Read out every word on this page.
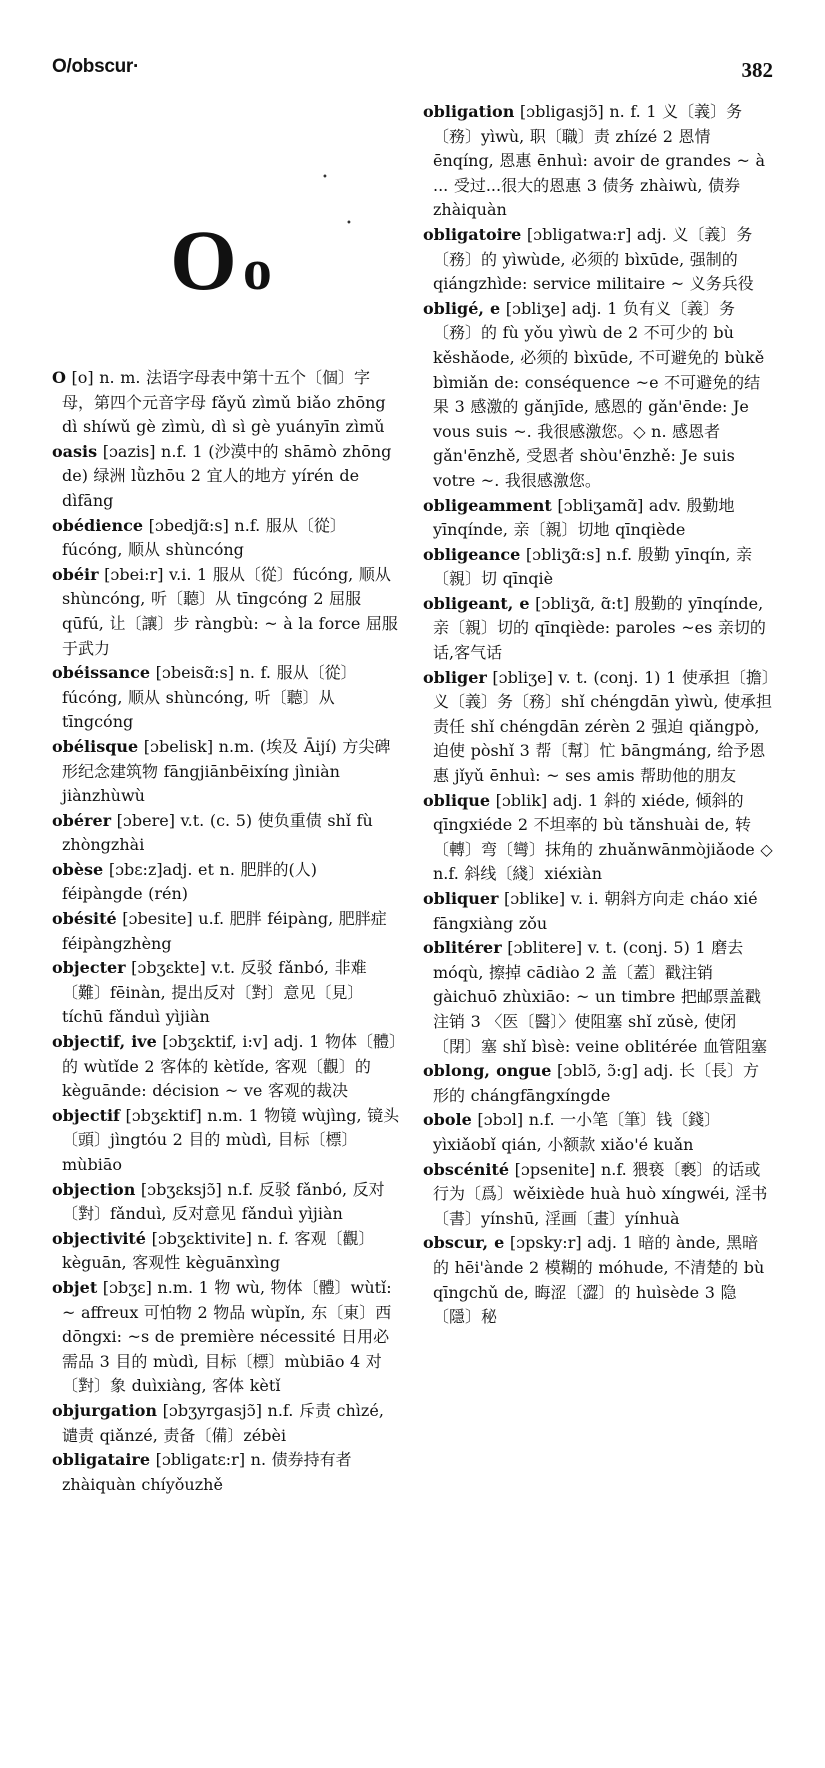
O/obscur·	382
O o
•
•

O [o] n. m. 法语字母表中第十五个〔個〕字母，第四个元音字母 fǎyǔ zìmǔ biǎo zhōng dì shíwǔ gè zìmù, dì sì gè yuányīn zìmǔ

oasis [ɔazis] n.f. 1 (沙漠中的 shāmò zhōng de) 绿洲 lǜzhōu 2 宜人的地方 yírén de dìfāng

obédience [ɔbedjɑ̃:s] n.f. 服从〔從〕fúcóng, 顺从 shùncóng

obéir [ɔbei:r] v.i. 1 服从〔從〕fúcóng, 顺从 shùncóng, 听〔聽〕从 tīngcóng 2 屈服 qūfú, 让〔讓〕步 ràngbù: ~ à la force 屈服于武力

obéissance [ɔbeisɑ̃:s] n. f. 服从〔從〕fúcóng, 顺从 shùncóng, 听〔聽〕从 tīngcóng

obélisque [ɔbelisk] n.m. (埃及 Āijí) 方尖碑形纪念建筑物 fāngjiānbēixíng jìniàn jiànzhùwù

obérer [ɔbere] v.t. (c. 5) 使负重债 shǐ fù zhòngzhài

obèse [ɔbɛ:z]adj. et n. 肥胖的(人) féipàngde (rén)

obésité [ɔbesite] u.f. 肥胖 féipàng, 肥胖症 féipàngzhèng

objecter [ɔbʒɛkte] v.t. 反驳 fǎnbó, 非难〔難〕fēinàn, 提出反对〔對〕意见〔見〕tíchū fǎnduì yìjiàn

objectif, ive [ɔbʒɛktif, i:v] adj. 1 物体〔體〕的 wùtǐde 2 客体的 kètǐde, 客观〔觀〕的 kèguānde: décision ~ ve 客观的裁决

objectif [ɔbʒɛktif] n.m. 1 物镜 wùjìng, 镜头〔頭〕jìngtóu 2 目的 mùdì, 目标〔標〕mùbiāo

objection [ɔbʒɛksjɔ̃] n.f. 反驳 fǎnbó, 反对〔對〕fǎnduì, 反对意见 fǎnduì yìjiàn

objectivité [ɔbʒɛktivite] n. f. 客观〔觀〕kèguān, 客观性 kèguānxìng

objet [ɔbʒɛ] n.m. 1 物 wù, 物体〔體〕wùtǐ: ~ affreux 可怕物 2 物品 wùpǐn, 东〔東〕西 dōngxi: ~s de première nécessité 日用必需品 3 目的 mùdì, 目标〔標〕mùbiāo 4 对〔對〕象 duìxiàng, 客体 kètǐ

objurgation [ɔbʒyrgasjɔ̃] n.f. 斥责 chìzé, 谴责 qiǎnzé, 责备〔備〕zébèi

obligataire [ɔbligatɛ:r] n. 债券持有者 zhàiquàn chíyǒuzhě

obligation [ɔbligasjɔ̃] n. f. 1 义〔義〕务〔務〕yìwù, 职〔職〕责 zhízé 2 恩情 ēnqíng, 恩惠 ēnhuì: avoir de grandes ~ à ... 受过...很大的恩惠 3 债务 zhàiwù, 债券 zhàiquàn

obligatoire [ɔbligatwa:r] adj. 义〔義〕务〔務〕的 yìwùde, 必须的 bìxūde, 强制的 qiángzhìde: service militaire ~ 义务兵役

obligé, e [ɔbliʒe] adj. 1 负有义〔義〕务〔務〕的 fù yǒu yìwù de 2 不可少的 bù kěshǎode, 必须的 bìxūde, 不可避免的 bùkě bìmiǎn de: conséquence ~e 不可避免的结果 3 感激的 gǎnjīde, 感恩的 gǎn'ēnde: Je vous suis ~. 我很感激您。◇ n. 感恩者 gǎn'ēnzhě, 受恩者 shòu'ēnzhě: Je suis votre ~. 我很感激您。

obligeamment [ɔbliʒamɑ̃] adv. 殷勤地 yīnqínde, 亲〔親〕切地 qīnqiède

obligeance [ɔbliʒɑ̃:s] n.f. 殷勤 yīnqín, 亲〔親〕切 qīnqiè

obligeant, e [ɔbliʒɑ̃, ɑ̃:t] 殷勤的 yīnqínde, 亲〔親〕切的 qīnqiède: paroles ~es 亲切的话,客气话

obliger [ɔbliʒe] v. t. (conj. 1) 1 使承担〔擔〕义〔義〕务〔務〕shǐ chéngdān yìwù, 使承担责任 shǐ chéngdān zérèn 2 强迫 qiǎngpò, 迫使 pòshǐ 3 帮〔幫〕忙 bāngmáng, 给予恩惠 jǐyǔ ēnhuì: ~ ses amis 帮助他的朋友

oblique [ɔblik] adj. 1 斜的 xiéde, 倾斜的 qīngxiéde 2 不坦率的 bù tǎnshuài de, 转〔轉〕弯〔彎〕抹角的 zhuǎnwānmòjiǎode ◇ n.f. 斜线〔綫〕xiéxiàn

obliquer [ɔblike] v. i. 朝斜方向走 cháo xié fāngxiàng zǒu

oblitérer [ɔblitere] v. t. (conj. 5) 1 磨去 móqù, 擦掉 cādiào 2 盖〔蓋〕戳注销 gàichuō zhùxiāo: ~ un timbre 把邮票盖戳注销 3 〈医〔醫〕〉使阻塞 shǐ zǔsè, 使闭〔閉〕塞 shǐ bìsè: veine oblitérée 血管阻塞

oblong, ongue [ɔblɔ̃, ɔ̃:g] adj. 长〔長〕方形的 chángfāngxíngde

obole [ɔbɔl] n.f. 一小笔〔筆〕钱〔錢〕yìxiǎobǐ qián, 小额款 xiǎo'é kuǎn

obscénité [ɔpsenite] n.f. 猥亵〔褻〕的话或行为〔爲〕wěixiède huà huò xíngwéi, 淫书〔書〕yínshū, 淫画〔畫〕yínhuà

obscur, e [ɔpsky:r] adj. 1 暗的 ànde, 黑暗的 hēi'ànde 2 模糊的 móhude, 不清楚的 bù qīngchǔ de, 晦涩〔澀〕的 huìsède 3 隐〔隱〕秘
